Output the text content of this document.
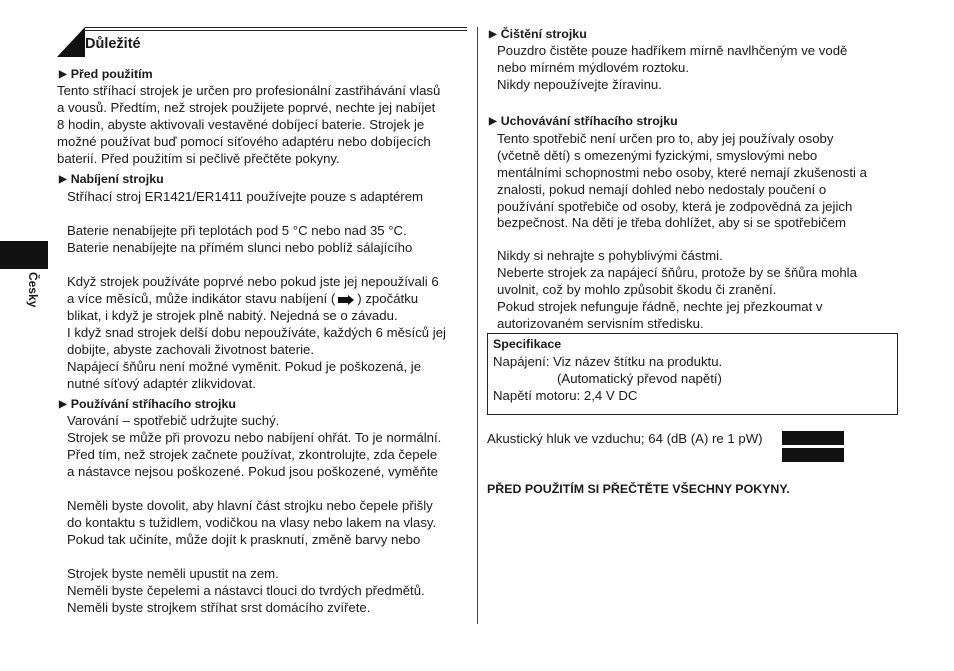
Česky
Důležité
▶ Před použitím
Tento stříhací strojek je určen pro profesionální zastřihávání vlasů
a vousů. Předtím, než strojek použijete poprvé, nechte jej nabíjet
8 hodin, abyste aktivovali vestavěné dobíjecí baterie. Strojek je
možné používat buď pomocí síťového adaptéru nebo dobíjecích
baterií. Před použitím si pečlivě přečtěte pokyny.
▶ Nabíjení strojku
Stříhací stroj ER1421/ER1411 používejte pouze s adaptérem
Baterie nenabíjejte při teplotách pod 5 °C nebo nad 35 °C.
Baterie nenabíjejte na přímém slunci nebo poblíž sálajícího
Když strojek používáte poprvé nebo pokud jste jej nepoužívali 6
a více měsíců, může indikátor stavu nabíjení ( ) zpočátku
blikat, i když je strojek plně nabitý. Nejedná se o závadu.
I když snad strojek delší dobu nepoužíváte, každých 6 měsíců jej
dobijte, abyste zachovali životnost baterie.
Napájecí šňůru není možné vyměnit. Pokud je poškozená, je
nutné síťový adaptér zlikvidovat.
▶ Používání stříhacího strojku
Varování – spotřebič udržujte suchý.
Strojek se může při provozu nebo nabíjení ohřát. To je normální.
Před tím, než strojek začnete používat, zkontrolujte, zda čepele
a nástavce nejsou poškozené. Pokud jsou poškozené, vyměňte
Neměli byste dovolit, aby hlavní část strojku nebo čepele přišly
do kontaktu s tužidlem, vodičkou na vlasy nebo lakem na vlasy.
Pokud tak učiníte, může dojít k prasknutí, změně barvy nebo
Strojek byste neměli upustit na zem.
Neměli byste čepelemi a nástavci tlouci do tvrdých předmětů.
Neměli byste strojkem stříhat srst domácího zvířete.
▶ Čištění strojku
Pouzdro čistěte pouze hadříkem mírně navlhčeným ve vodě
nebo mírném mýdlovém roztoku.
Nikdy nepoužívejte žíravinu.
▶ Uchovávání stříhacího strojku
Tento spotřebič není určen pro to, aby jej používaly osoby
(včetně dětí) s omezenými fyzickými, smyslovými nebo
mentálními schopnostmi nebo osoby, které nemají zkušenosti a
znalosti, pokud nemají dohled nebo nedostaly poučení o
používání spotřebiče od osoby, která je zodpovědná za jejich
bezpečnost. Na děti je třeba dohlížet, aby si se spotřebičem
Nikdy si nehrajte s pohyblivými částmi.
Neberte strojek za napájecí šňůru, protože by se šňůra mohla
uvolnit, což by mohlo způsobit škodu či zranění.
Pokud strojek nefunguje řádně, nechte jej přezkoumat v
autorizovaném servisním středisku.
Specifikace
Napájení: Viz název štítku na produktu.
(Automatický převod napětí)
Napětí motoru: 2,4 V DC
Akustický hluk ve vzduchu; 64 (dB (A) re 1 pW)
PŘED POUŽITÍM SI PŘEČTĚTE VŠECHNY POKYNY.
